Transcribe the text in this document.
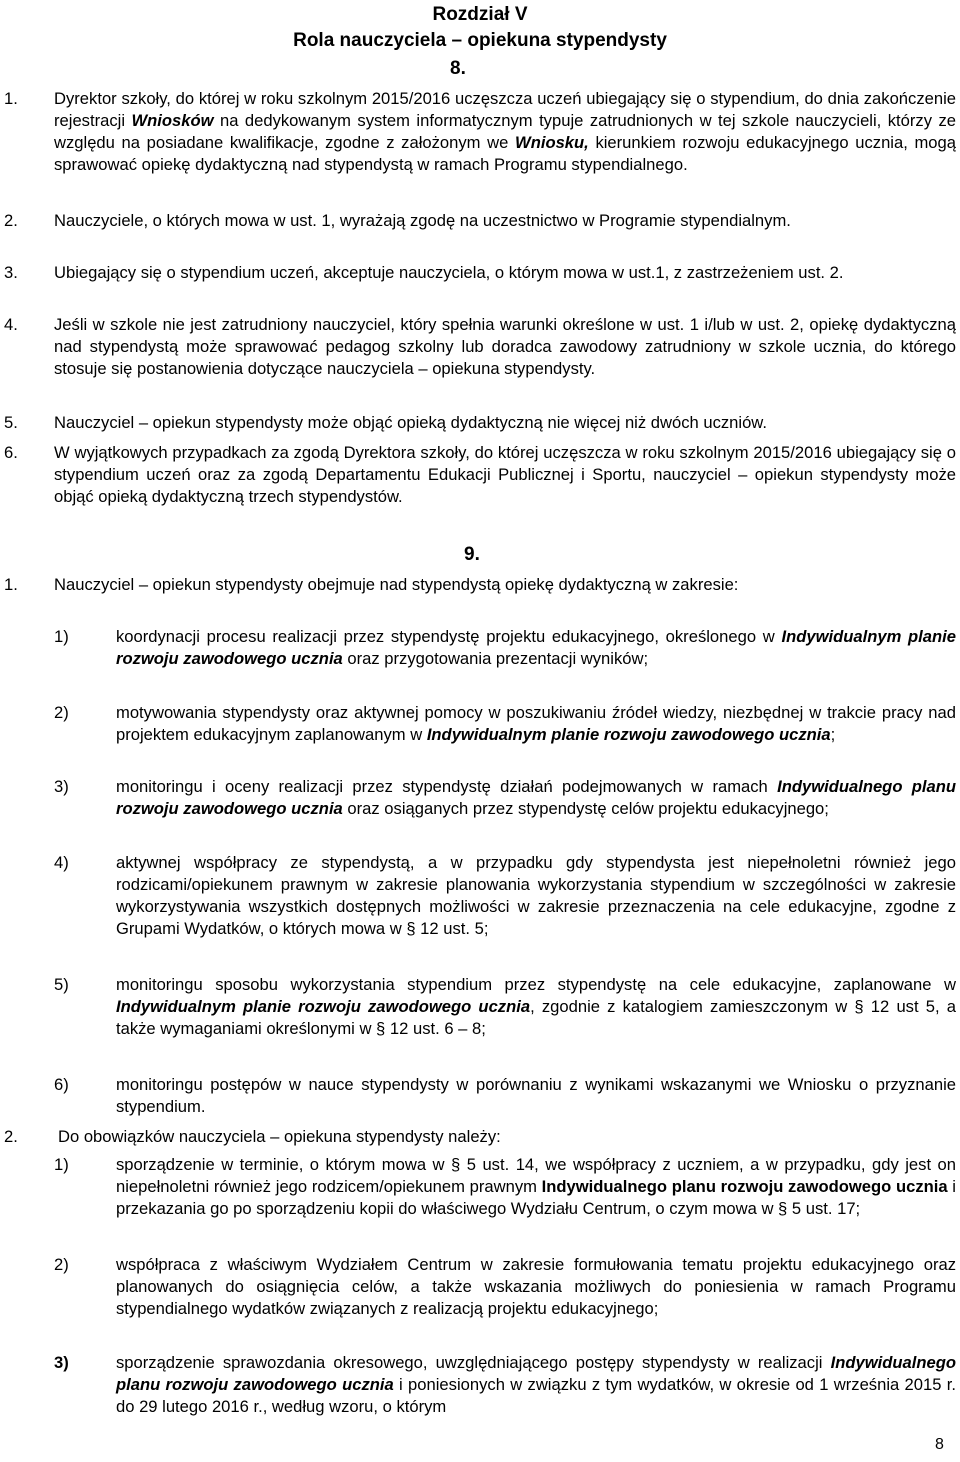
Rozdział V
Rola nauczyciela – opiekuna stypendysty
8.
1. Dyrektor szkoły, do której w roku szkolnym 2015/2016 uczęszcza uczeń ubiegający się o stypendium, do dnia zakończenie rejestracji Wniosków na dedykowanym system informatycznym typuje zatrudnionych w tej szkole nauczycieli, którzy ze względu na posiadane kwalifikacje, zgodne z założonym we Wniosku, kierunkiem rozwoju edukacyjnego ucznia, mogą sprawować opiekę dydaktyczną nad stypendystą w ramach Programu stypendialnego.
2. Nauczyciele, o których mowa w ust. 1, wyrażają zgodę na uczestnictwo w Programie stypendialnym.
3. Ubiegający się o stypendium uczeń, akceptuje nauczyciela, o którym mowa w ust.1, z zastrzeżeniem ust. 2.
4. Jeśli w szkole nie jest zatrudniony nauczyciel, który spełnia warunki określone w ust. 1 i/lub w ust. 2, opiekę dydaktyczną nad stypendystą może sprawować pedagog szkolny lub doradca zawodowy zatrudniony w szkole ucznia, do którego stosuje się postanowienia dotyczące nauczyciela – opiekuna stypendysty.
5. Nauczyciel – opiekun stypendysty może objąć opieką dydaktyczną nie więcej niż dwóch uczniów.
6. W wyjątkowych przypadkach za zgodą Dyrektora szkoły, do której uczęszcza w roku szkolnym 2015/2016 ubiegający się o stypendium uczeń oraz za zgodą Departamentu Edukacji Publicznej i Sportu, nauczyciel – opiekun stypendysty może objąć opieką dydaktyczną trzech stypendystów.
9.
1. Nauczyciel – opiekun stypendysty obejmuje nad stypendystą opiekę dydaktyczną w zakresie:
1)	koordynacji procesu realizacji przez stypendystę projektu edukacyjnego, określonego w Indywidualnym planie rozwoju zawodowego ucznia oraz przygotowania prezentacji wyników;
2)	motywowania stypendysty oraz aktywnej pomocy w poszukiwaniu źródeł wiedzy, niezbędnej w trakcie pracy nad projektem edukacyjnym zaplanowanym w Indywidualnym planie rozwoju zawodowego ucznia;
3)	monitoringu i oceny realizacji przez stypendystę działań podejmowanych w ramach Indywidualnego planu rozwoju zawodowego ucznia oraz osiąganych przez stypendystę celów projektu edukacyjnego;
4)	aktywnej współpracy ze stypendystą, a w przypadku gdy stypendysta jest niepełnoletni również jego rodzicami/opiekunem prawnym w zakresie planowania wykorzystania stypendium w szczególności w zakresie wykorzystywania wszystkich dostępnych możliwości w zakresie przeznaczenia na cele edukacyjne, zgodne z Grupami Wydatków, o których mowa w § 12 ust. 5;
5)	monitoringu sposobu wykorzystania stypendium przez stypendystę na cele edukacyjne, zaplanowane w Indywidualnym planie rozwoju zawodowego ucznia, zgodnie z katalogiem zamieszczonym w § 12 ust 5, a także wymaganiami określonymi w § 12 ust. 6 – 8;
6)	monitoringu postępów w nauce stypendysty w porównaniu z wynikami wskazanymi we Wniosku o przyznanie stypendium.
2. Do obowiązków nauczyciela – opiekuna stypendysty należy:
1)	sporządzenie w terminie, o którym mowa w § 5 ust. 14, we współpracy z uczniem, a w przypadku, gdy jest on niepełnoletni również jego rodzicem/opiekunem prawnym Indywidualnego planu rozwoju zawodowego ucznia i przekazania go po sporządzeniu kopii do właściwego Wydziału Centrum, o czym mowa w § 5 ust. 17;
2)	współpraca z właściwym Wydziałem Centrum w zakresie formułowania tematu projektu edukacyjnego oraz planowanych do osiągnięcia celów, a także wskazania możliwych do poniesienia w ramach Programu stypendialnego wydatków związanych z realizacją projektu edukacyjnego;
3)	sporządzenie sprawozdania okresowego, uwzględniającego postępy stypendysty w realizacji Indywidualnego planu rozwoju zawodowego ucznia i poniesionych w związku z tym wydatków, w okresie od 1 września 2015 r. do 29 lutego 2016 r., według wzoru, o którym
8
